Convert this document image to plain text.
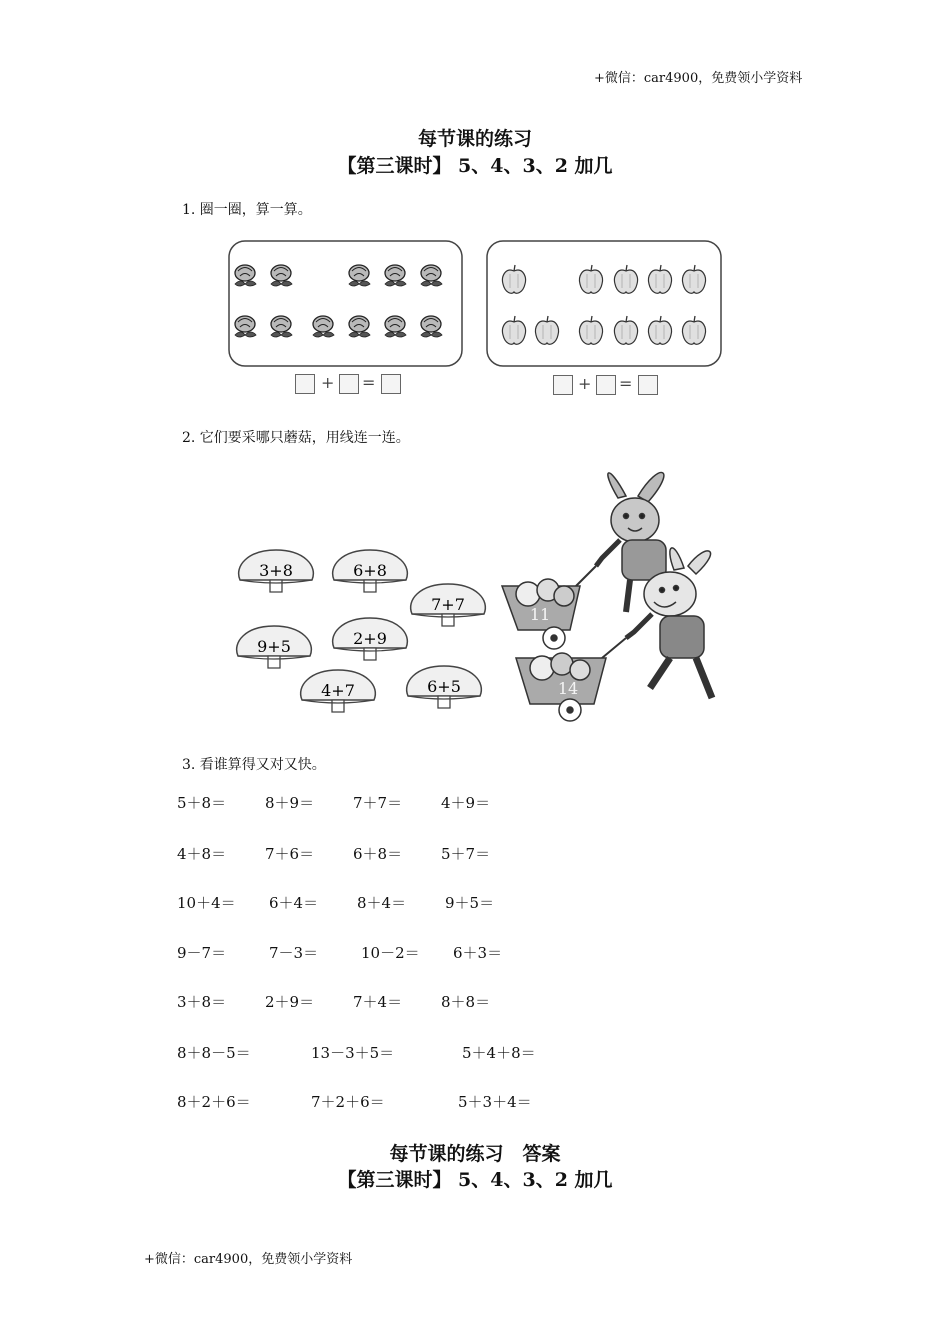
+微信：car4900，免费领小学资料
每节课的练习
【第三课时】 5、4、3、2 加几
1. 圈一圈，算一算。
+ =	+ =
2. 它们要采哪只蘑菇，用线连一连。
3+8	6+8
7+7
9+5	2+9
4+7	6+5
11
14
3. 看谁算得又对又快。
5＋8＝	8＋9＝	7＋7＝	4＋9＝
4＋8＝	7＋6＝	6＋8＝	5＋7＝
10＋4＝ 6＋4＝	8＋4＝	9＋5＝
9－7＝	7－3＝	10－2＝ 6＋3＝
3＋8＝	2＋9＝	7＋4＝	8＋8＝
8＋8－5＝	13－3＋5＝	5＋4＋8＝
8＋2＋6＝	7＋2＋6＝	5＋3＋4＝
每节课的练习　答案
【第三课时】 5、4、3、2 加几
+微信：car4900，免费领小学资料
